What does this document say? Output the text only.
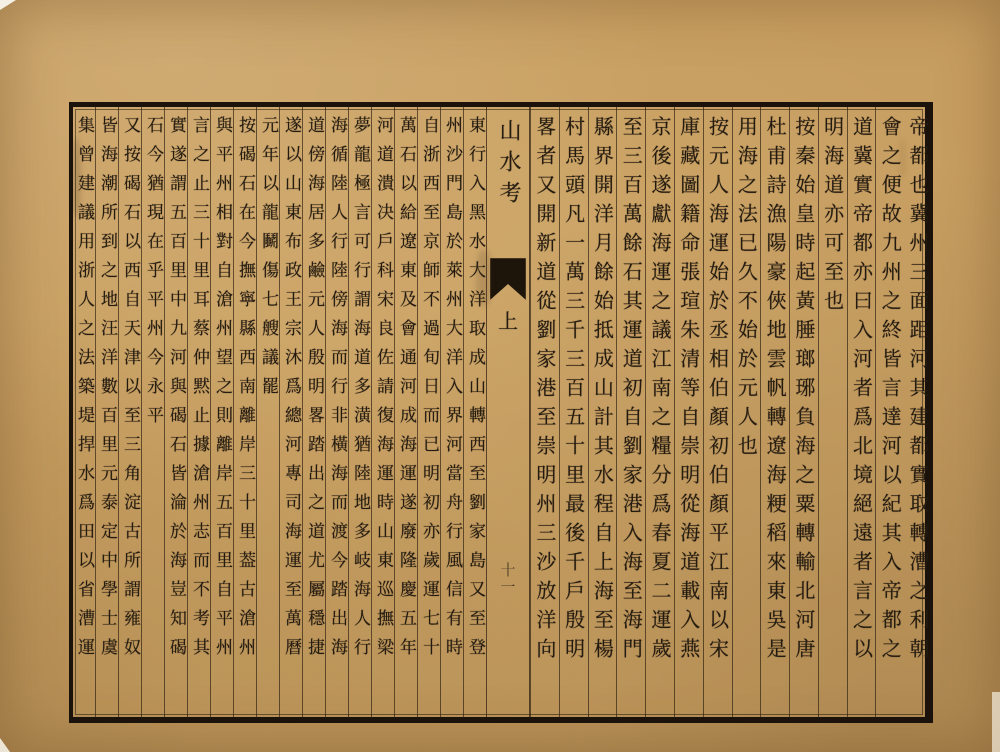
東行入黑水大洋取成山轉西至劉家島又至登
州沙門島於萊州大洋入界河當舟行風信有時
自浙西至京師不過旬日而已明初亦歲運七十
萬石以給遼東及會通河成海運遂廢隆慶五年
河道潰决戶科宋良佐請復海運時山東巡撫梁
夢龍極言可行謂海道多潢猶陸地多岐海人行
海循陸人行陸傍海而行非橫海而渡今踏出海
道傍海居多鹼元人殷明畧踏出之道尤屬穩捷
遂以山東布政王宗沐爲總河專司海運至萬曆
元年以龍鬭傷七艘議罷
按碣石在今撫寧縣西南離岸三十里葢古滄州
與平州相對自滄州望之則離岸五百里自平州
言之止三十里耳蔡仲黙止據滄州志而不考其
實遂謂五百里中九河與碣石皆淪於海豈知碣
石今猶現在乎平州今永平
又按碣石以西自天津以至三角淀古所謂雍奴
皆海潮所到之地汪洋數百里元泰定中學士虞
集曾建議用浙人之法築堤捍水爲田以省漕運	山水考
上
十一	帝都也冀州三面距河其建都實取轉漕之利朝
會之便故九州之終皆言達河以紀其入帝都之
道冀實帝都亦曰入河者爲北境絕遠者言之以
明海道亦可至也
按秦始皇時起黃腄瑯琊負海之粟轉輸北河唐
杜甫詩漁陽豪俠地雲帆轉遼海粳稻來東吳是
用海之法已久不始於元人也
按元人海運始於丞相伯顏初伯顏平江南以宋
庫藏圖籍命張瑄朱清等自崇明從海道載入燕
京後遂獻海運之議江南之糧分爲春夏二運歲
至三百萬餘石其運道初自劉家港入海至海門
縣界開洋月餘始抵成山計其水程自上海至楊
村馬頭凡一萬三千三百五十里最後千戶殷明
畧者又開新道從劉家港至崇明州三沙放洋向
